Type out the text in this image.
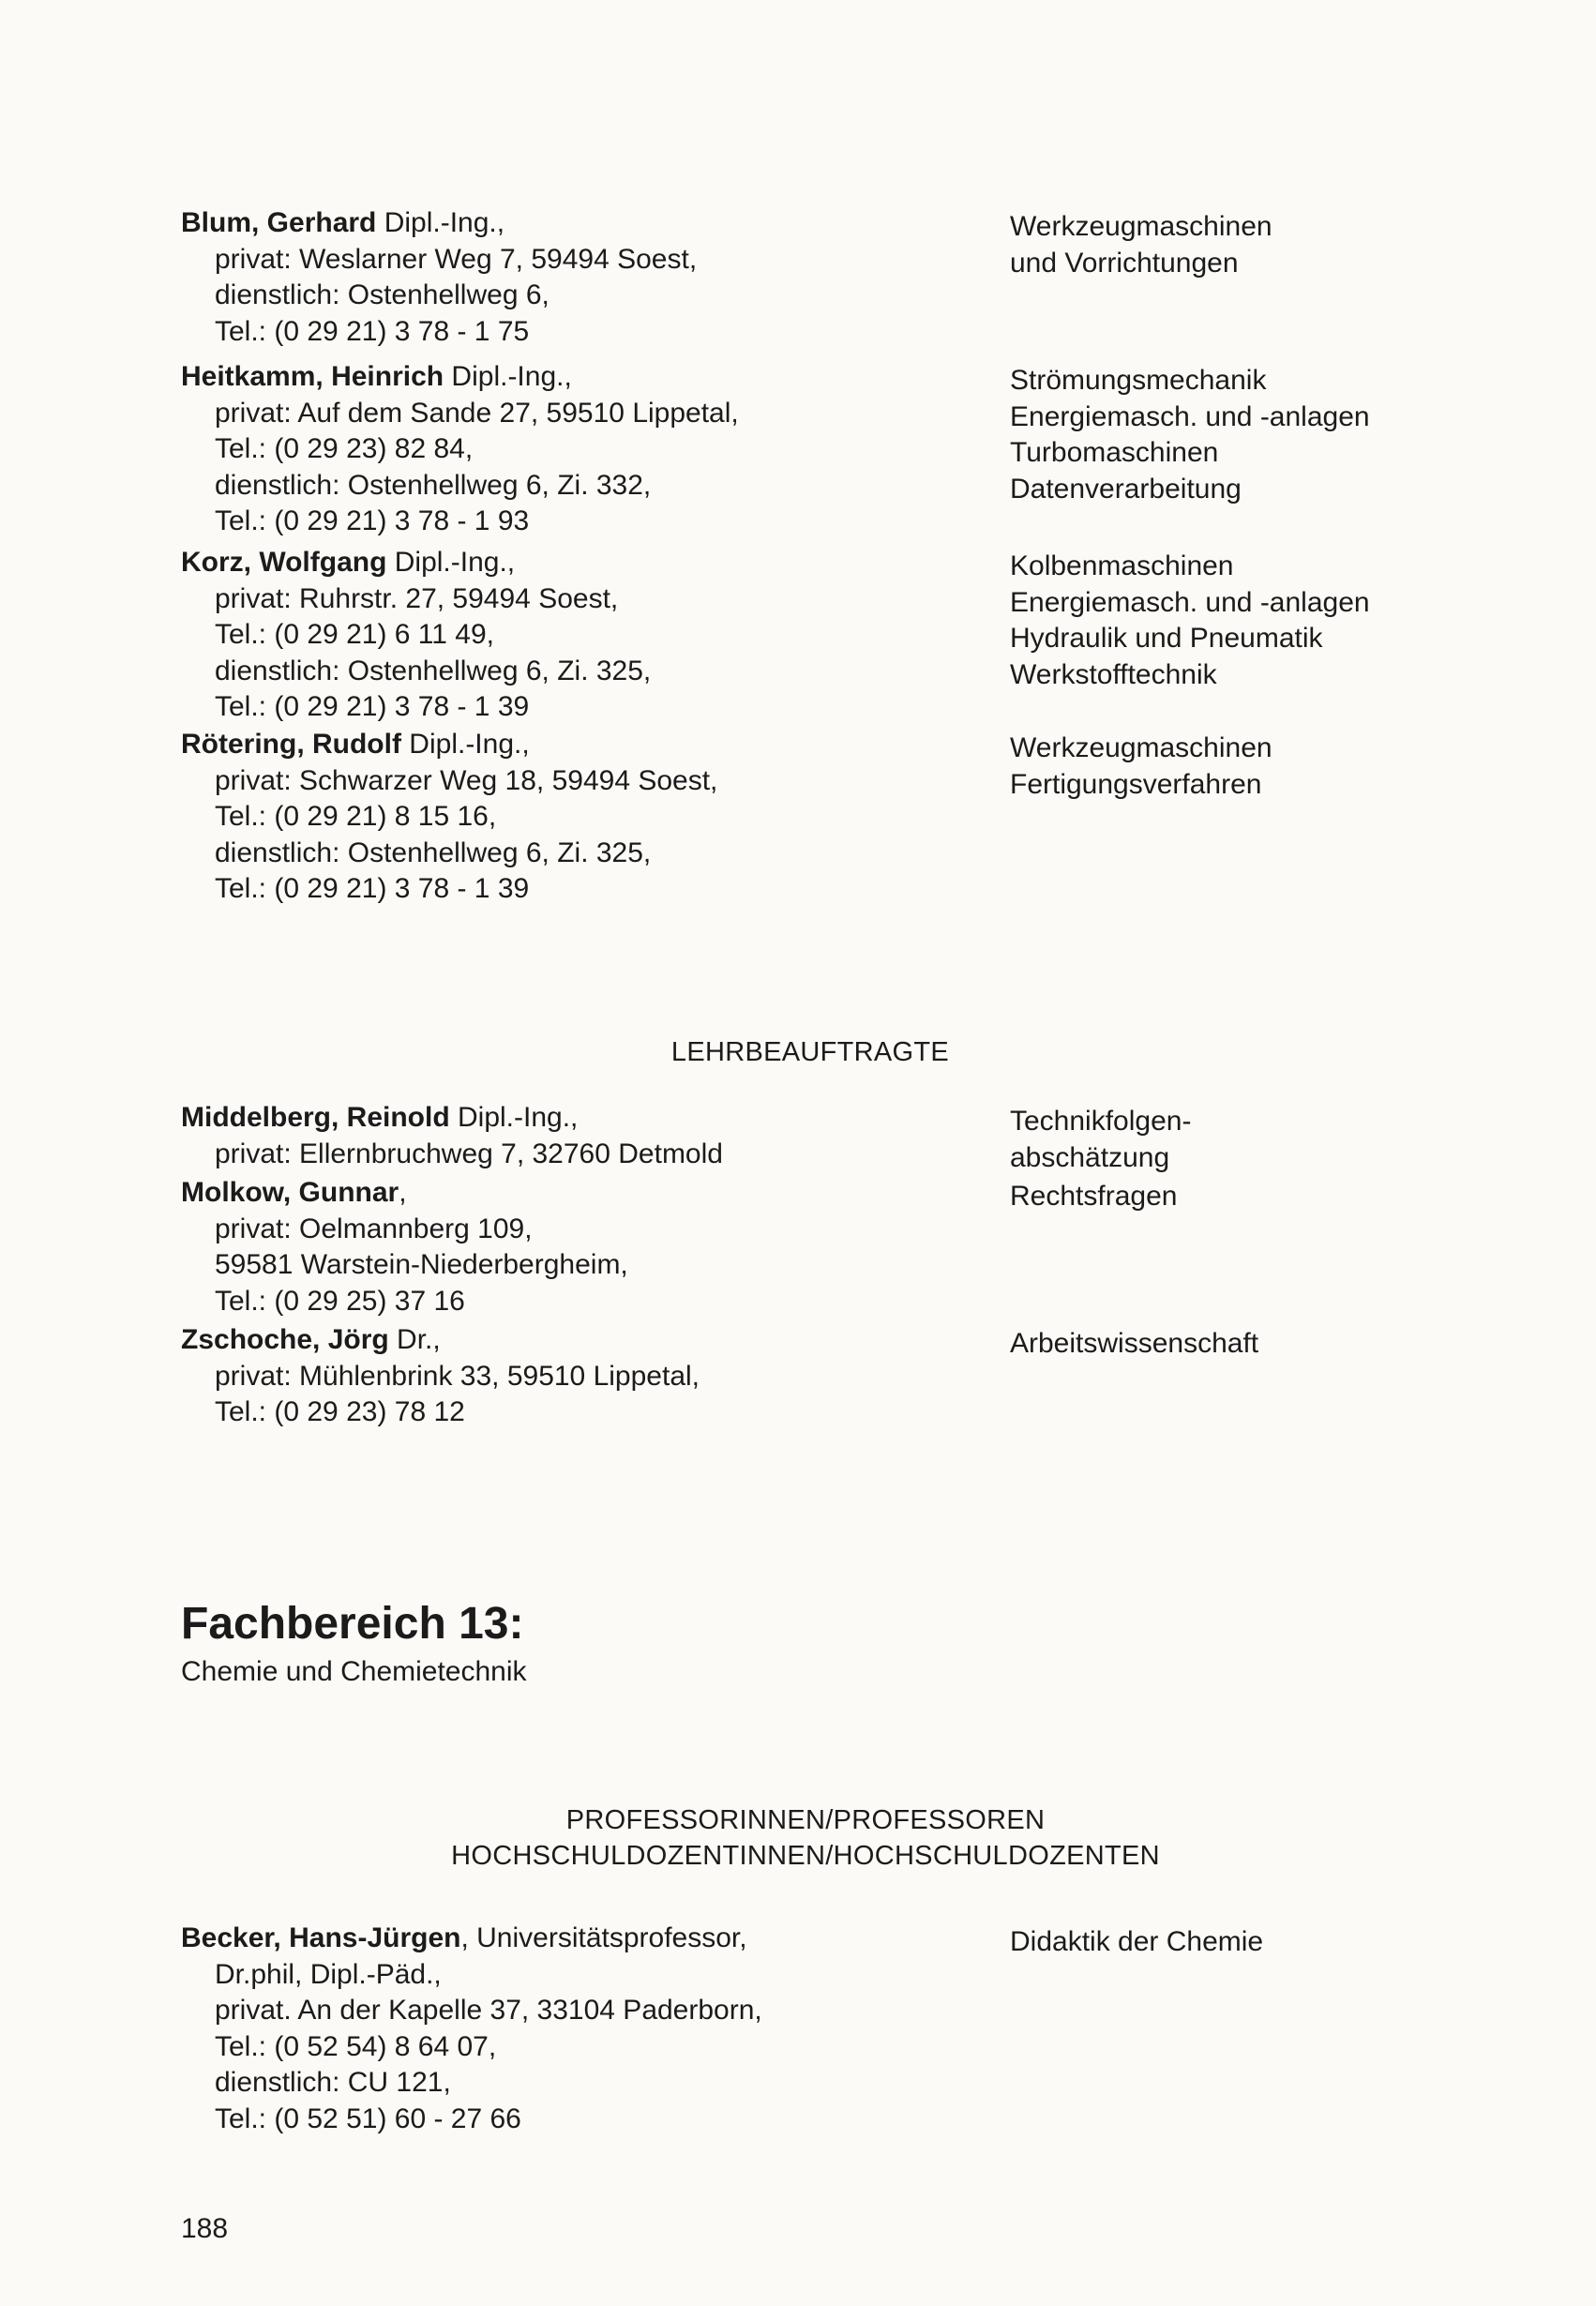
Blum, Gerhard Dipl.-Ing.,
privat: Weslarner Weg 7, 59494 Soest,
dienstlich: Ostenhellweg 6,
Tel.: (0 29 21) 3 78 - 1 75
Werkzeugmaschinen
und Vorrichtungen
Heitkamm, Heinrich Dipl.-Ing.,
privat: Auf dem Sande 27, 59510 Lippetal,
Tel.: (0 29 23) 82 84,
dienstlich: Ostenhellweg 6, Zi. 332,
Tel.: (0 29 21) 3 78 - 1 93
Strömungsmechanik
Energiemasch. und -anlagen
Turbomaschinen
Datenverarbeitung
Korz, Wolfgang Dipl.-Ing.,
privat: Ruhrstr. 27, 59494 Soest,
Tel.: (0 29 21) 6 11 49,
dienstlich: Ostenhellweg 6, Zi. 325,
Tel.: (0 29 21) 3 78 - 1 39
Kolbenmaschinen
Energiemasch. und -anlagen
Hydraulik und Pneumatik
Werkstofftechnik
Rötering, Rudolf Dipl.-Ing.,
privat: Schwarzer Weg 18, 59494 Soest,
Tel.: (0 29 21) 8 15 16,
dienstlich: Ostenhellweg 6, Zi. 325,
Tel.: (0 29 21) 3 78 - 1 39
Werkzeugmaschinen
Fertigungsverfahren
LEHRBEAUFTRAGTE
Middelberg, Reinold Dipl.-Ing.,
privat: Ellernbruchweg 7, 32760 Detmold
Technikfolgen-
abschätzung
Molkow, Gunnar,
privat: Oelmannberg 109,
59581 Warstein-Niederbergheim,
Tel.: (0 29 25) 37 16
Rechtsfragen
Zschoche, Jörg Dr.,
privat: Mühlenbrink 33, 59510 Lippetal,
Tel.: (0 29 23) 78 12
Arbeitswissenschaft
Fachbereich 13:
Chemie und Chemietechnik
PROFESSORINNEN/PROFESSOREN
HOCHSCHULDOZENTINNEN/HOCHSCHULDOZENTEN
Becker, Hans-Jürgen, Universitätsprofessor,
Dr.phil, Dipl.-Päd.,
privat. An der Kapelle 37, 33104 Paderborn,
Tel.: (0 52 54) 8 64 07,
dienstlich: CU 121,
Tel.: (0 52 51) 60 - 27 66
Didaktik der Chemie
188
